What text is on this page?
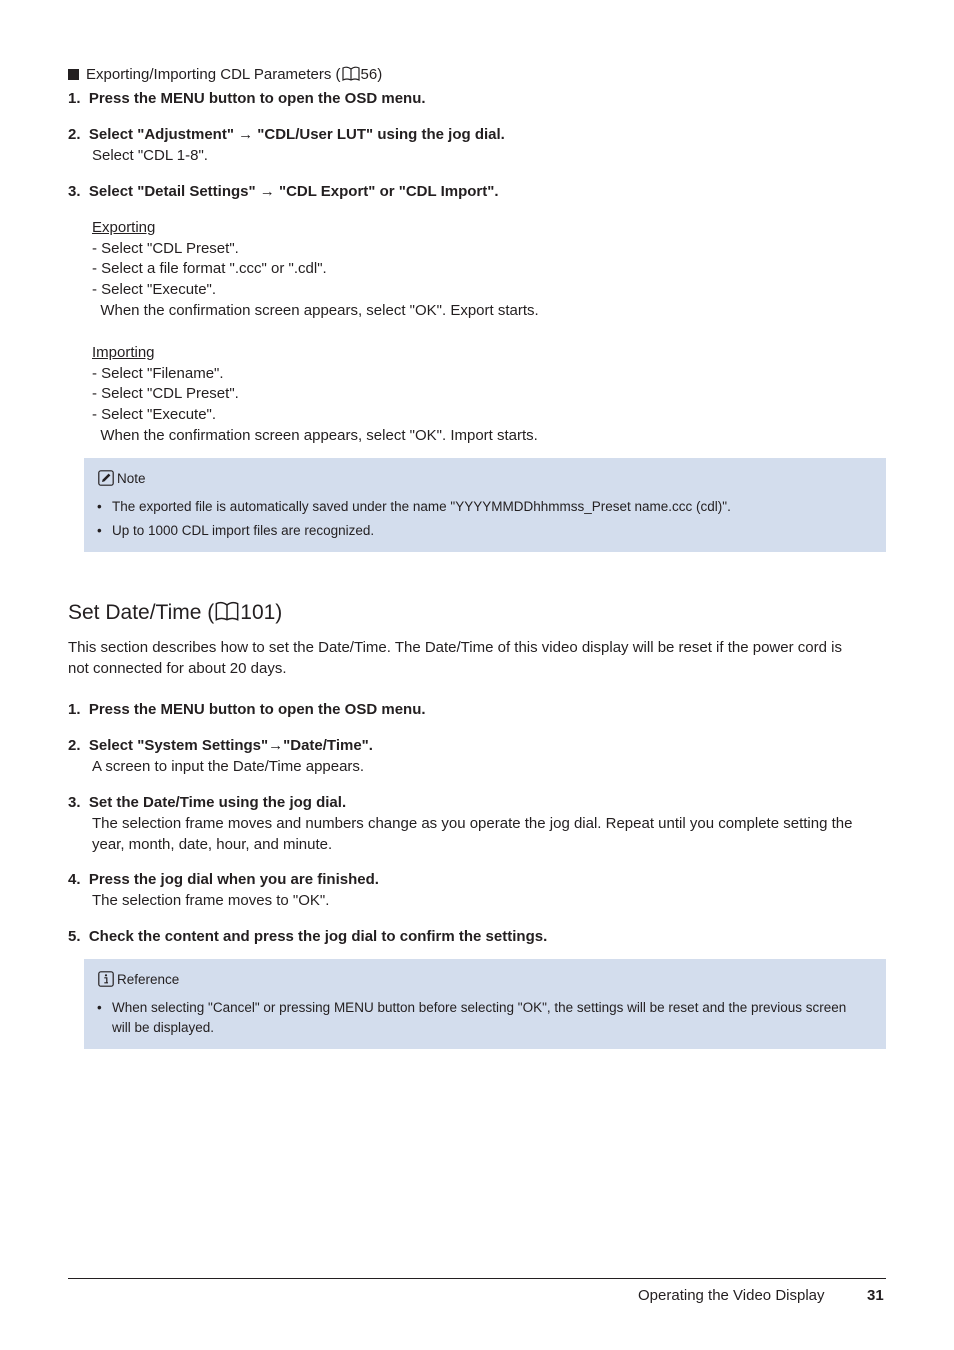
Exporting/Importing CDL Parameters ( 56)
1.  Press the MENU button to open the OSD menu.
2.  Select "Adjustment" → "CDL/User LUT" using the jog dial.
Select "CDL 1-8".
3.  Select "Detail Settings" → "CDL Export" or "CDL Import".
Exporting
- Select "CDL Preset".
- Select a file format ".ccc" or ".cdl".
- Select "Execute".
When the confirmation screen appears, select "OK". Export starts.
Importing
- Select "Filename".
- Select "CDL Preset".
- Select "Execute".
When the confirmation screen appears, select "OK". Import starts.
Note
• The exported file is automatically saved under the name "YYYYMMDDhhmmss_Preset name.ccc (cdl)".
• Up to 1000 CDL import files are recognized.
Set Date/Time ( 101)
This section describes how to set the Date/Time. The Date/Time of this video display will be reset if the power cord is
not connected for about 20 days.
1.  Press the MENU button to open the OSD menu.
2.  Select "System Settings"→"Date/Time".
A screen to input the Date/Time appears.
3.  Set the Date/Time using the jog dial.
The selection frame moves and numbers change as you operate the jog dial. Repeat until you complete setting the
year, month, date, hour, and minute.
4.  Press the jog dial when you are finished.
The selection frame moves to "OK".
5.  Check the content and press the jog dial to confirm the settings.
Reference
• When selecting "Cancel" or pressing MENU button before selecting "OK", the settings will be reset and the previous screen
will be displayed.
Operating the Video Display	31
